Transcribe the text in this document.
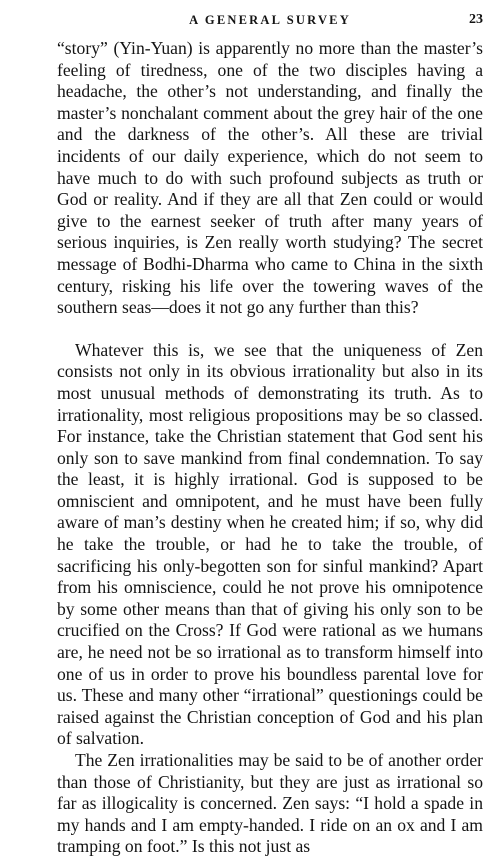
A GENERAL SURVEY	23

“story” (Yin-Yuan) is apparently no more than the master’s feeling of tiredness, one of the two disciples having a headache, the other’s not understanding, and finally the master’s nonchalant comment about the grey hair of the one and the darkness of the other’s. All these are trivial incidents of our daily experience, which do not seem to have much to do with such profound subjects as truth or God or reality. And if they are all that Zen could or would give to the earnest seeker of truth after many years of serious inquiries, is Zen really worth studying? The secret message of Bodhi-Dharma who came to China in the sixth century, risking his life over the towering waves of the southern seas—does it not go any further than this?

Whatever this is, we see that the uniqueness of Zen consists not only in its obvious irrationality but also in its most unusual methods of demonstrating its truth. As to irrationality, most religious propositions may be so classed. For instance, take the Christian statement that God sent his only son to save mankind from final condemnation. To say the least, it is highly irrational. God is supposed to be omniscient and omnipotent, and he must have been fully aware of man’s destiny when he created him; if so, why did he take the trouble, or had he to take the trouble, of sacrificing his only-begotten son for sinful mankind? Apart from his omniscience, could he not prove his omnipotence by some other means than that of giving his only son to be crucified on the Cross? If God were rational as we humans are, he need not be so irrational as to transform himself into one of us in order to prove his boundless parental love for us. These and many other “irrational” questionings could be raised against the Christian conception of God and his plan of salvation.

The Zen irrationalities may be said to be of another order than those of Christianity, but they are just as irrational so far as illogicality is concerned. Zen says: “I hold a spade in my hands and I am empty-handed. I ride on an ox and I am tramping on foot.” Is this not just as
